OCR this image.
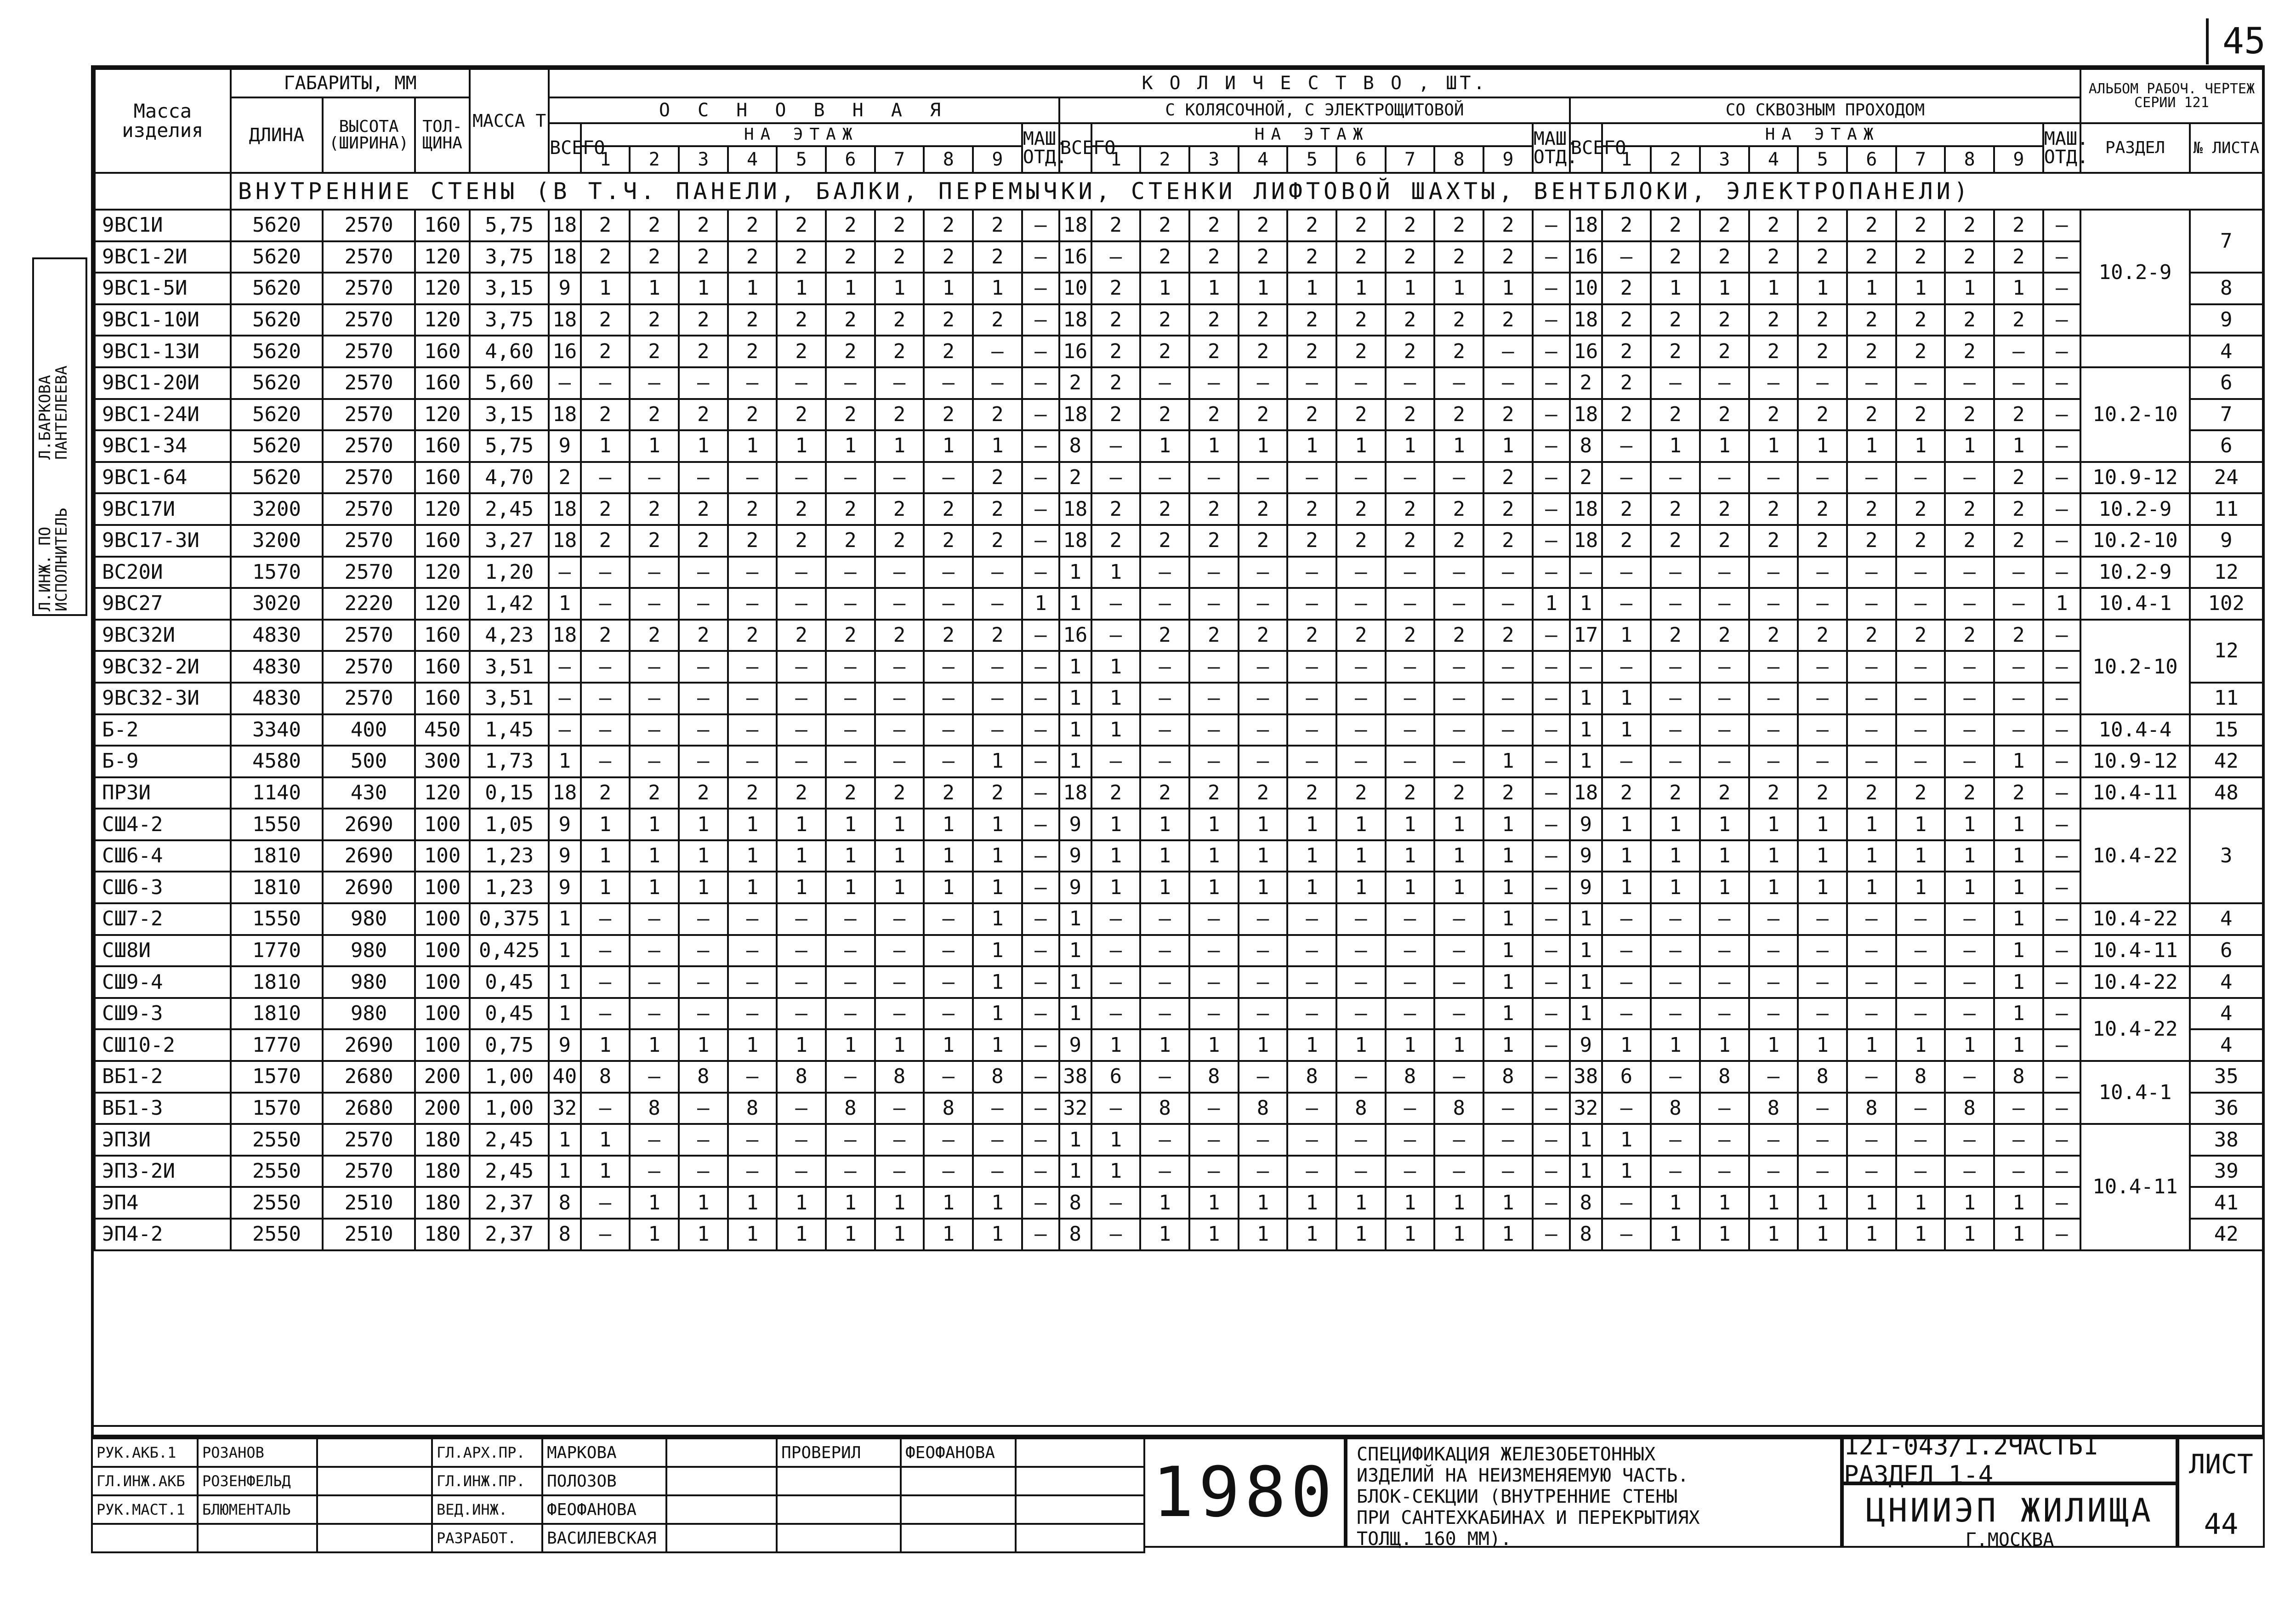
45
Л.ИНЖ. ПО
ИСПОЛНИТЕЛЬ
Л.БАРКОВА
ПАНТЕЛЕЕВА
Масса изделия	ГАБАРИТЫ, ММ			МАССА Т	К О Л И Ч Е С Т В О , ШТ.																																	АЛЬБОМ РАБОЧ. ЧЕРТЕЖ СЕРИИ 121	
	ДЛИНА	ВЫСОТА (ШИРИНА)	ТОЛ-ЩИНА		О С Н О В Н А Я											С КОЛЯСОЧНОЙ, С ЭЛЕКТРОЩИТОВОЙ											СО СКВОЗНЫМ ПРОХОДОМ												
					ВСЕГО	НА ЭТАЖ									МАШ. ОТД.	ВСЕГО	НА ЭТАЖ									МАШ. ОТД.	ВСЕГО	НА ЭТАЖ									МАШ. ОТД.	РАЗДЕЛ	№ ЛИСТА
						1	2	3	4	5	6	7	8	9			1	2	3	4	5	6	7	8	9			1	2	3	4	5	6	7	8	9			
	ВНУТРЕННИЕ СТЕНЫ (В Т.Ч. ПАНЕЛИ, БАЛКИ, ПЕРЕМЫЧКИ, СТЕНКИ ЛИФТОВОЙ ШАХТЫ, ВЕНТБЛОКИ, ЭЛЕКТРОПАНЕЛИ)																																						
9ВС1И	5620	2570	160	5,75	18	2	2	2	2	2	2	2	2	2	—	18	2	2	2	2	2	2	2	2	2	—	18	2	2	2	2	2	2	2	2	2	—	10.2-9	7
9ВС1-2И	5620	2570	120	3,75	18	2	2	2	2	2	2	2	2	2	—	16	—	2	2	2	2	2	2	2	2	—	16	—	2	2	2	2	2	2	2	2	—		
9ВС1-5И	5620	2570	120	3,15	9	1	1	1	1	1	1	1	1	1	—	10	2	1	1	1	1	1	1	1	1	—	10	2	1	1	1	1	1	1	1	1	—		8
9ВС1-10И	5620	2570	120	3,75	18	2	2	2	2	2	2	2	2	2	—	18	2	2	2	2	2	2	2	2	2	—	18	2	2	2	2	2	2	2	2	2	—		9
9ВС1-13И	5620	2570	160	4,60	16	2	2	2	2	2	2	2	2	—	—	16	2	2	2	2	2	2	2	2	—	—	16	2	2	2	2	2	2	2	2	—	—		4
9ВС1-20И	5620	2570	160	5,60	—	—	—	—	—	—	—	—	—	—	—	2	2	—	—	—	—	—	—	—	—	—	2	2	—	—	—	—	—	—	—	—	—	10.2-10	6
9ВС1-24И	5620	2570	120	3,15	18	2	2	2	2	2	2	2	2	2	—	18	2	2	2	2	2	2	2	2	2	—	18	2	2	2	2	2	2	2	2	2	—		7
9ВС1-34	5620	2570	160	5,75	9	1	1	1	1	1	1	1	1	1	—	8	—	1	1	1	1	1	1	1	1	—	8	—	1	1	1	1	1	1	1	1	—		6
9ВС1-64	5620	2570	160	4,70	2	—	—	—	—	—	—	—	—	2	—	2	—	—	—	—	—	—	—	—	2	—	2	—	—	—	—	—	—	—	—	2	—	10.9-12	24
9ВС17И	3200	2570	120	2,45	18	2	2	2	2	2	2	2	2	2	—	18	2	2	2	2	2	2	2	2	2	—	18	2	2	2	2	2	2	2	2	2	—	10.2-9	11
9ВС17-3И	3200	2570	160	3,27	18	2	2	2	2	2	2	2	2	2	—	18	2	2	2	2	2	2	2	2	2	—	18	2	2	2	2	2	2	2	2	2	—	10.2-10	9
ВС20И	1570	2570	120	1,20	—	—	—	—	—	—	—	—	—	—	—	1	1	—	—	—	—	—	—	—	—	—	—	—	—	—	—	—	—	—	—	—	—	10.2-9	12
9ВС27	3020	2220	120	1,42	1	—	—	—	—	—	—	—	—	—	1	1	—	—	—	—	—	—	—	—	—	1	1	—	—	—	—	—	—	—	—	—	1	10.4-1	102
9ВС32И	4830	2570	160	4,23	18	2	2	2	2	2	2	2	2	2	—	16	—	2	2	2	2	2	2	2	2	—	17	1	2	2	2	2	2	2	2	2	—	10.2-10	12
9ВС32-2И	4830	2570	160	3,51	—	—	—	—	—	—	—	—	—	—	—	1	1	—	—	—	—	—	—	—	—	—	—	—	—	—	—	—	—	—	—	—	—		
9ВС32-3И	4830	2570	160	3,51	—	—	—	—	—	—	—	—	—	—	—	1	1	—	—	—	—	—	—	—	—	—	1	1	—	—	—	—	—	—	—	—	—		11
Б-2	3340	400	450	1,45	—	—	—	—	—	—	—	—	—	—	—	1	1	—	—	—	—	—	—	—	—	—	1	1	—	—	—	—	—	—	—	—	—	10.4-4	15
Б-9	4580	500	300	1,73	1	—	—	—	—	—	—	—	—	1	—	1	—	—	—	—	—	—	—	—	1	—	1	—	—	—	—	—	—	—	—	1	—	10.9-12	42
ПР3И	1140	430	120	0,15	18	2	2	2	2	2	2	2	2	2	—	18	2	2	2	2	2	2	2	2	2	—	18	2	2	2	2	2	2	2	2	2	—	10.4-11	48
СШ4-2	1550	2690	100	1,05	9	1	1	1	1	1	1	1	1	1	—	9	1	1	1	1	1	1	1	1	1	—	9	1	1	1	1	1	1	1	1	1	—	10.4-22	3
СШ6-4	1810	2690	100	1,23	9	1	1	1	1	1	1	1	1	1	—	9	1	1	1	1	1	1	1	1	1	—	9	1	1	1	1	1	1	1	1	1	—		
СШ6-3	1810	2690	100	1,23	9	1	1	1	1	1	1	1	1	1	—	9	1	1	1	1	1	1	1	1	1	—	9	1	1	1	1	1	1	1	1	1	—		
СШ7-2	1550	980	100	0,375	1	—	—	—	—	—	—	—	—	1	—	1	—	—	—	—	—	—	—	—	1	—	1	—	—	—	—	—	—	—	—	1	—	10.4-22	4
СШ8И	1770	980	100	0,425	1	—	—	—	—	—	—	—	—	1	—	1	—	—	—	—	—	—	—	—	1	—	1	—	—	—	—	—	—	—	—	1	—	10.4-11	6
СШ9-4	1810	980	100	0,45	1	—	—	—	—	—	—	—	—	1	—	1	—	—	—	—	—	—	—	—	1	—	1	—	—	—	—	—	—	—	—	1	—	10.4-22	4
СШ9-3	1810	980	100	0,45	1	—	—	—	—	—	—	—	—	1	—	1	—	—	—	—	—	—	—	—	1	—	1	—	—	—	—	—	—	—	—	1	—	10.4-22	4
СШ10-2	1770	2690	100	0,75	9	1	1	1	1	1	1	1	1	1	—	9	1	1	1	1	1	1	1	1	1	—	9	1	1	1	1	1	1	1	1	1	—		4
ВБ1-2	1570	2680	200	1,00	40	8	—	8	—	8	—	8	—	8	—	38	6	—	8	—	8	—	8	—	8	—	38	6	—	8	—	8	—	8	—	8	—	10.4-1	35
ВБ1-3	1570	2680	200	1,00	32	—	8	—	8	—	8	—	8	—	—	32	—	8	—	8	—	8	—	8	—	—	32	—	8	—	8	—	8	—	8	—	—		36
ЭП3И	2550	2570	180	2,45	1	1	—	—	—	—	—	—	—	—	—	1	1	—	—	—	—	—	—	—	—	—	1	1	—	—	—	—	—	—	—	—	—	10.4-11	38
ЭП3-2И	2550	2570	180	2,45	1	1	—	—	—	—	—	—	—	—	—	1	1	—	—	—	—	—	—	—	—	—	1	1	—	—	—	—	—	—	—	—	—		39
ЭП4	2550	2510	180	2,37	8	—	1	1	1	1	1	1	1	1	—	8	—	1	1	1	1	1	1	1	1	—	8	—	1	1	1	1	1	1	1	1	—		41
ЭП4-2	2550	2510	180	2,37	8	—	1	1	1	1	1	1	1	1	—	8	—	1	1	1	1	1	1	1	1	—	8	—	1	1	1	1	1	1	1	1	—		42
РУК.АКБ.1	РОЗАНОВ		ГЛ.АРХ.ПР.	МАРКОВА		ПРОВЕРИЛ	ФЕОФАНОВА	
ГЛ.ИНЖ.АКБ	РОЗЕНФЕЛЬД		ГЛ.ИНЖ.ПР.	ПОЛОЗОВ				
РУК.МАСТ.1	БЛЮМЕНТАЛЬ		ВЕД.ИНЖ.	ФЕОФАНОВА				
			РАЗРАБОТ.	ВАСИЛЕВСКАЯ				
1980	СПЕЦИФИКАЦИЯ ЖЕЛЕЗОБЕТОННЫХ
ИЗДЕЛИЙ НА НЕИЗМЕНЯЕМУЮ ЧАСТЬ.
БЛОК-СЕКЦИИ (ВНУТРЕННИЕ СТЕНЫ
ПРИ САНТЕХКАБИНАХ И ПЕРЕКРЫТИЯХ
ТОЛЩ. 160 ММ).
121-043/1.2ЧАСТЬ1 РАЗДЕЛ 1-4
ЦНИИЭП ЖИЛИЩА
Г.МОСКВА
ЛИСТ
44
